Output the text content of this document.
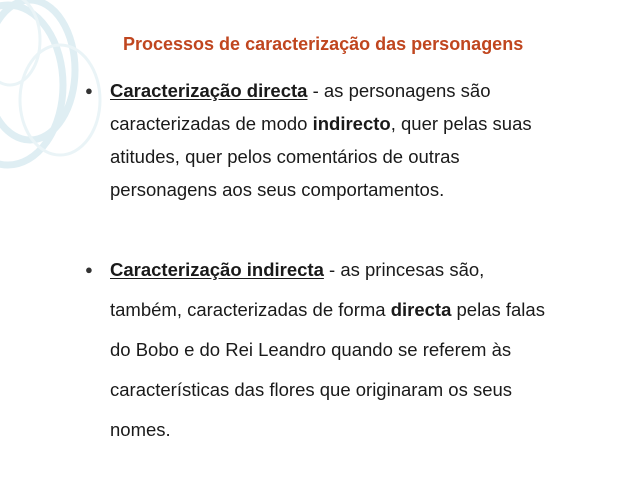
Processos de caracterização das personagens
● Caracterização directa - as personagens são
caracterizadas de modo indirecto, quer pelas suas
atitudes, quer pelos comentários de outras
personagens aos seus comportamentos.
● Caracterização indirecta - as princesas são,
também, caracterizadas de forma directa pelas falas
do Bobo e do Rei Leandro quando se referem às
características das flores que originaram os seus
nomes.
